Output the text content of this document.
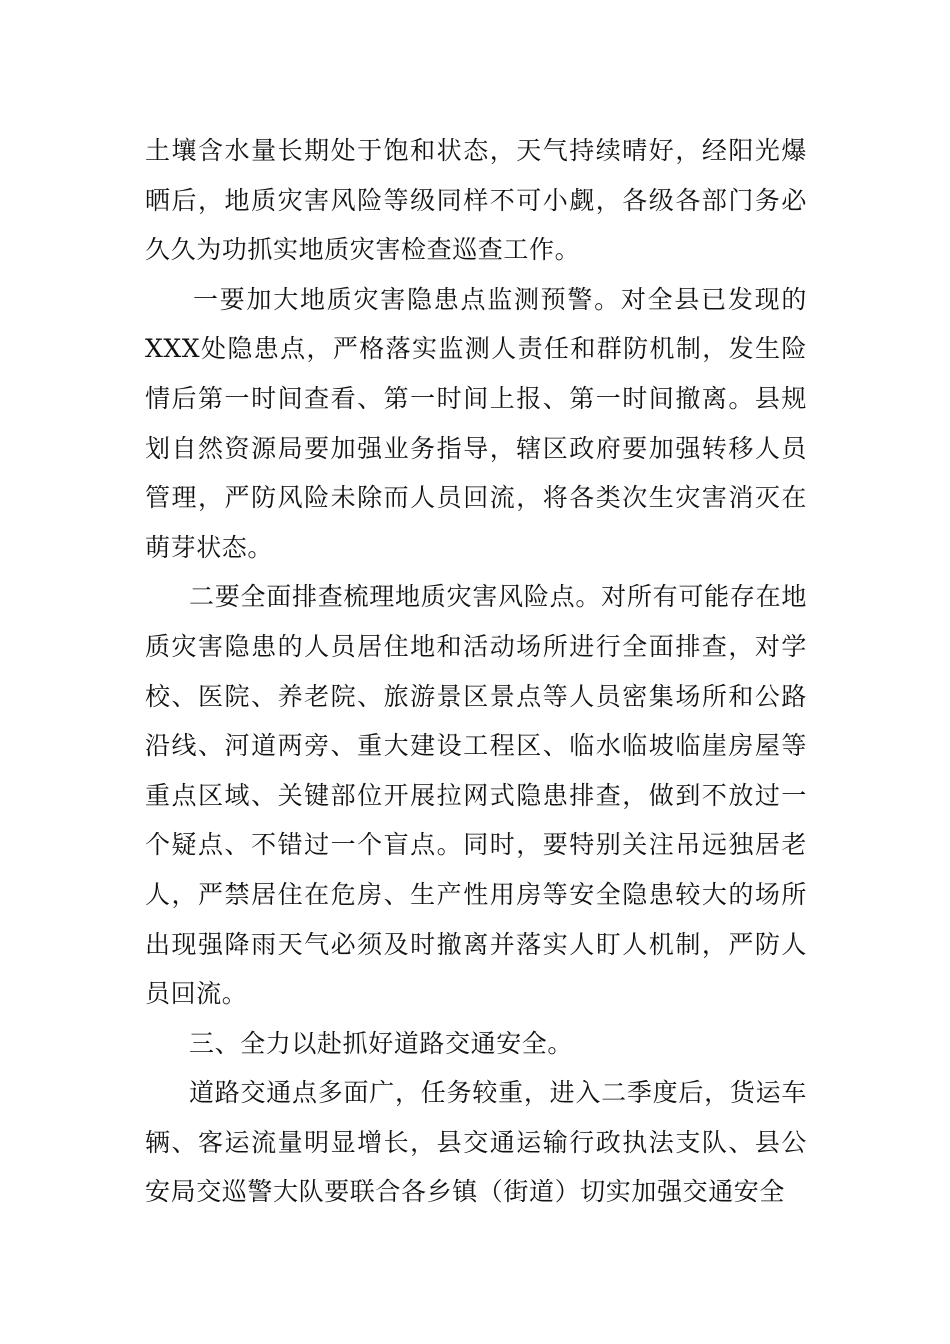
土壤含水量长期处于饱和状态，天气持续晴好，经阳光爆晒后，地质灾害风险等级同样不可小觑，各级各部门务必久久为功抓实地质灾害检查巡查工作。

一要加大地质灾害隐患点监测预警。对全县已发现的XXX处隐患点，严格落实监测人责任和群防机制，发生险情后第一时间查看、第一时间上报、第一时间撤离。县规划自然资源局要加强业务指导，辖区政府要加强转移人员管理，严防风险未除而人员回流，将各类次生灾害消灭在萌芽状态。

二要全面排查梳理地质灾害风险点。对所有可能存在地质灾害隐患的人员居住地和活动场所进行全面排查，对学校、医院、养老院、旅游景区景点等人员密集场所和公路沿线、河道两旁、重大建设工程区、临水临坡临崖房屋等重点区域、关键部位开展拉网式隐患排查，做到不放过一个疑点、不错过一个盲点。同时，要特别关注吊远独居老人，严禁居住在危房、生产性用房等安全隐患较大的场所出现强降雨天气必须及时撤离并落实人盯人机制，严防人员回流。

三、全力以赴抓好道路交通安全。

道路交通点多面广，任务较重，进入二季度后，货运车辆、客运流量明显增长，县交通运输行政执法支队、县公安局交巡警大队要联合各乡镇（街道）切实加强交通安全
